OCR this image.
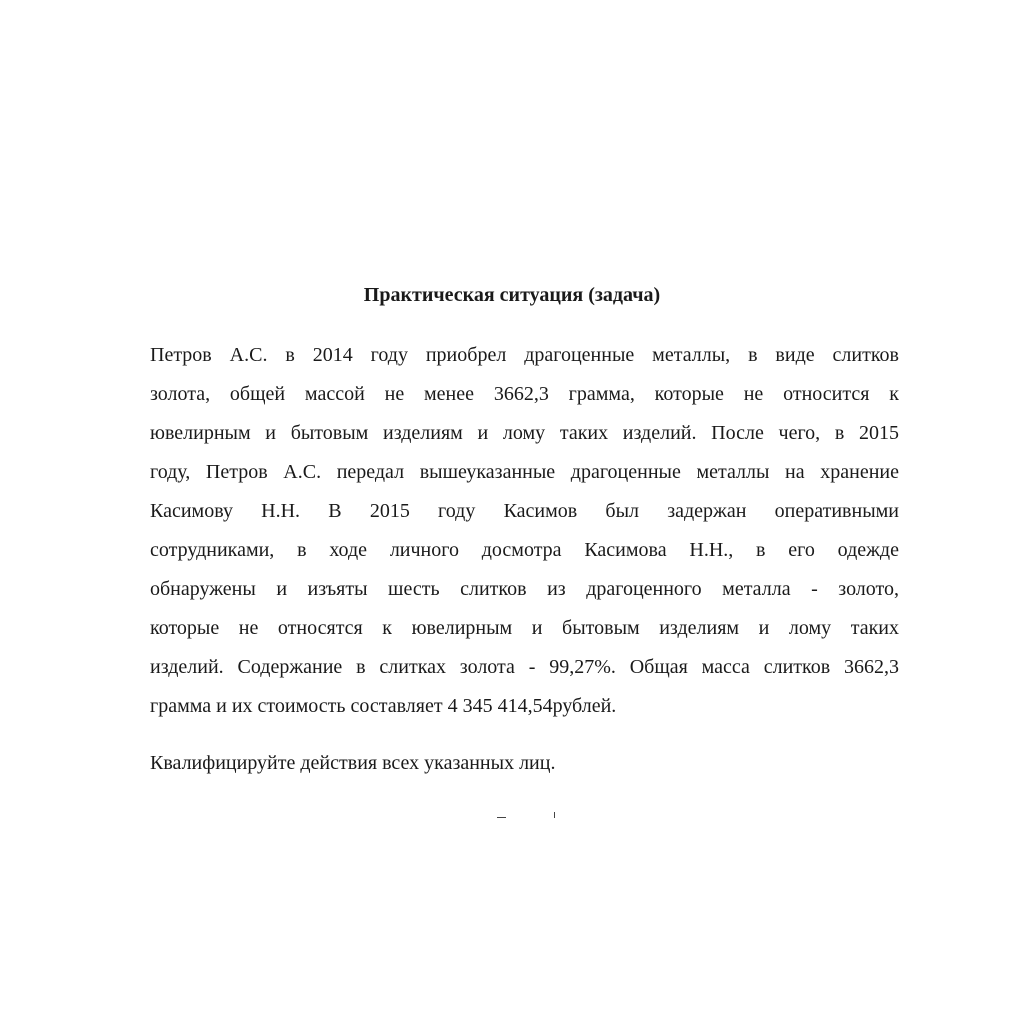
Практическая ситуация (задача)
Петров А.С. в 2014 году приобрел драгоценные металлы, в виде слитков
золота, общей массой не менее 3662,3 грамма, которые не относится к
ювелирным и бытовым изделиям и лому таких изделий. После чего, в 2015
году, Петров А.С. передал вышеуказанные драгоценные металлы на хранение
Касимову Н.Н. В 2015 году Касимов был задержан оперативными
сотрудниками, в ходе личного досмотра Касимова Н.Н., в его одежде
обнаружены и изъяты шесть слитков из драгоценного металла - золото,
которые не относятся к ювелирным и бытовым изделиям и лому таких
изделий. Содержание в слитках золота - 99,27%. Общая масса слитков 3662,3
грамма и их стоимость составляет 4 345 414,54рублей.
Квалифицируйте действия всех указанных лиц.
